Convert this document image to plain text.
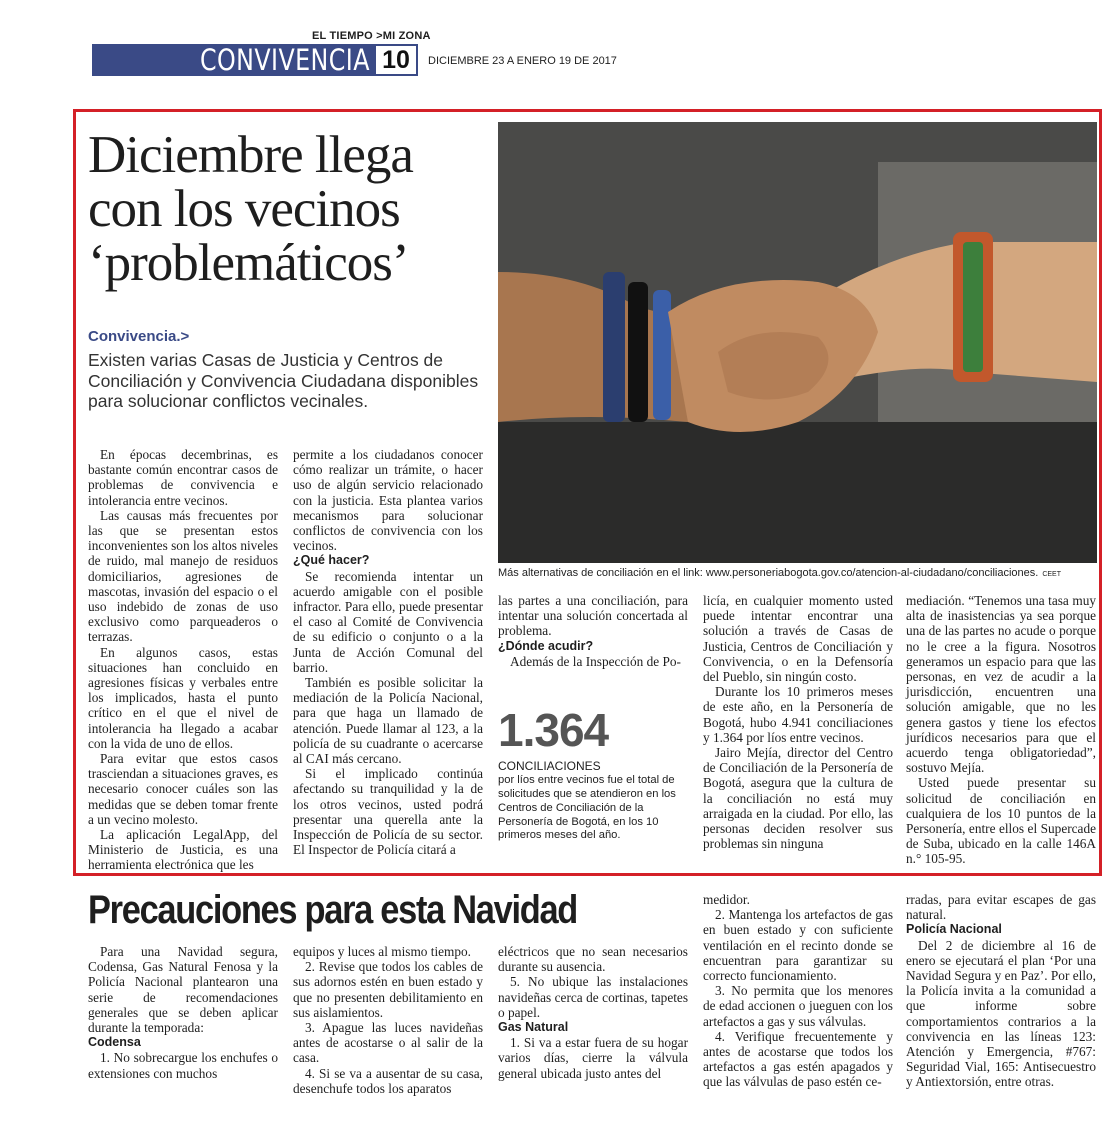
EL TIEMPO >MI ZONA
CONVIVENCIA 10	DICIEMBRE 23 A ENERO 19 DE 2017
Diciembre llega con los vecinos ‘problemáticos’
Convivencia.>
Existen varias Casas de Justicia y Centros de Conciliación y Convivencia Ciudadana disponibles para solucionar conflictos vecinales.
Más alternativas de conciliación en el link: www.personeriabogota.gov.co/atencion-al-ciudadano/conciliaciones. CEET

En épocas decembrinas, es bastante común encontrar casos de problemas de convivencia e intolerancia entre vecinos.

Las causas más frecuentes por las que se presentan estos inconvenientes son los altos niveles de ruido, mal manejo de residuos domiciliarios, agresiones de mascotas, invasión del espacio o el uso indebido de zonas de uso exclusivo como parqueaderos o terrazas.

En algunos casos, estas situaciones han concluido en agresiones físicas y verbales entre los implicados, hasta el punto crítico en el que el nivel de intolerancia ha llegado a acabar con la vida de uno de ellos.

Para evitar que estos casos trasciendan a situaciones graves, es necesario conocer cuáles son las medidas que se deben tomar frente a un vecino molesto.

La aplicación LegalApp, del Ministerio de Justicia, es una herramienta electrónica que les

permite a los ciudadanos conocer cómo realizar un trámite, o hacer uso de algún servicio relacionado con la justicia. Esta plantea varios mecanismos para solucionar conflictos de convivencia con los vecinos.

¿Qué hacer?

Se recomienda intentar un acuerdo amigable con el posible infractor. Para ello, puede presentar el caso al Comité de Convivencia de su edificio o conjunto o a la Junta de Acción Comunal del barrio.

También es posible solicitar la mediación de la Policía Nacional, para que haga un llamado de atención. Puede llamar al 123, a la policía de su cuadrante o acercarse al CAI más cercano.

Si el implicado continúa afectando su tranquilidad y la de los otros vecinos, usted podrá presentar una querella ante la Inspección de Policía de su sector. El Inspector de Policía citará a

las partes a una conciliación, para intentar una solución concertada al problema.

¿Dónde acudir?

Además de la Inspección de Po-

1.364
CONCILIACIONES
por líos entre vecinos fue el total de solicitudes que se atendieron en los Centros de Conciliación de la Personería de Bogotá, en los 10 primeros meses del año.

licía, en cualquier momento usted puede intentar encontrar una solución a través de Casas de Justicia, Centros de Conciliación y Convivencia, o en la Defensoría del Pueblo, sin ningún costo.

Durante los 10 primeros meses de este año, en la Personería de Bogotá, hubo 4.941 conciliaciones y 1.364 por líos entre vecinos.

Jairo Mejía, director del Centro de Conciliación de la Personería de Bogotá, asegura que la cultura de la conciliación no está muy arraigada en la ciudad. Por ello, las personas deciden resolver sus problemas sin ninguna

mediación. “Tenemos una tasa muy alta de inasistencias ya sea porque una de las partes no acude o porque no le cree a la figura. Nosotros generamos un espacio para que las personas, en vez de acudir a la jurisdicción, encuentren una solución amigable, que no les genera gastos y tiene los efectos jurídicos necesarios para que el acuerdo tenga obligatoriedad”, sostuvo Mejía.

Usted puede presentar su solicitud de conciliación en cualquiera de los 10 puntos de la Personería, entre ellos el Supercade de Suba, ubicado en la calle 146A n.° 105-95.

Precauciones para esta Navidad

Para una Navidad segura, Codensa, Gas Natural Fenosa y la Policía Nacional plantearon una serie de recomendaciones generales que se deben aplicar durante la temporada:

Codensa

1. No sobrecargue los enchufes o extensiones con muchos

equipos y luces al mismo tiempo.

2. Revise que todos los cables de sus adornos estén en buen estado y que no presenten debilitamiento en sus aislamientos.

3. Apague las luces navideñas antes de acostarse o al salir de la casa.

4. Si se va a ausentar de su casa, desenchufe todos los aparatos

eléctricos que no sean necesarios durante su ausencia.

5. No ubique las instalaciones navideñas cerca de cortinas, tapetes o papel.

Gas Natural

1. Si va a estar fuera de su hogar varios días, cierre la válvula general ubicada justo antes del

medidor.

2. Mantenga los artefactos de gas en buen estado y con suficiente ventilación en el recinto donde se encuentran para garantizar su correcto funcionamiento.

3. No permita que los menores de edad accionen o jueguen con los artefactos a gas y sus válvulas.

4. Verifique frecuentemente y antes de acostarse que todos los artefactos a gas estén apagados y que las válvulas de paso estén ce-

rradas, para evitar escapes de gas natural.

Policía Nacional

Del 2 de diciembre al 16 de enero se ejecutará el plan ‘Por una Navidad Segura y en Paz’. Por ello, la Policía invita a la comunidad a que informe sobre comportamientos contrarios a la convivencia en las líneas 123: Atención y Emergencia, #767: Seguridad Vial, 165: Antisecuestro y Antiextorsión, entre otras.
